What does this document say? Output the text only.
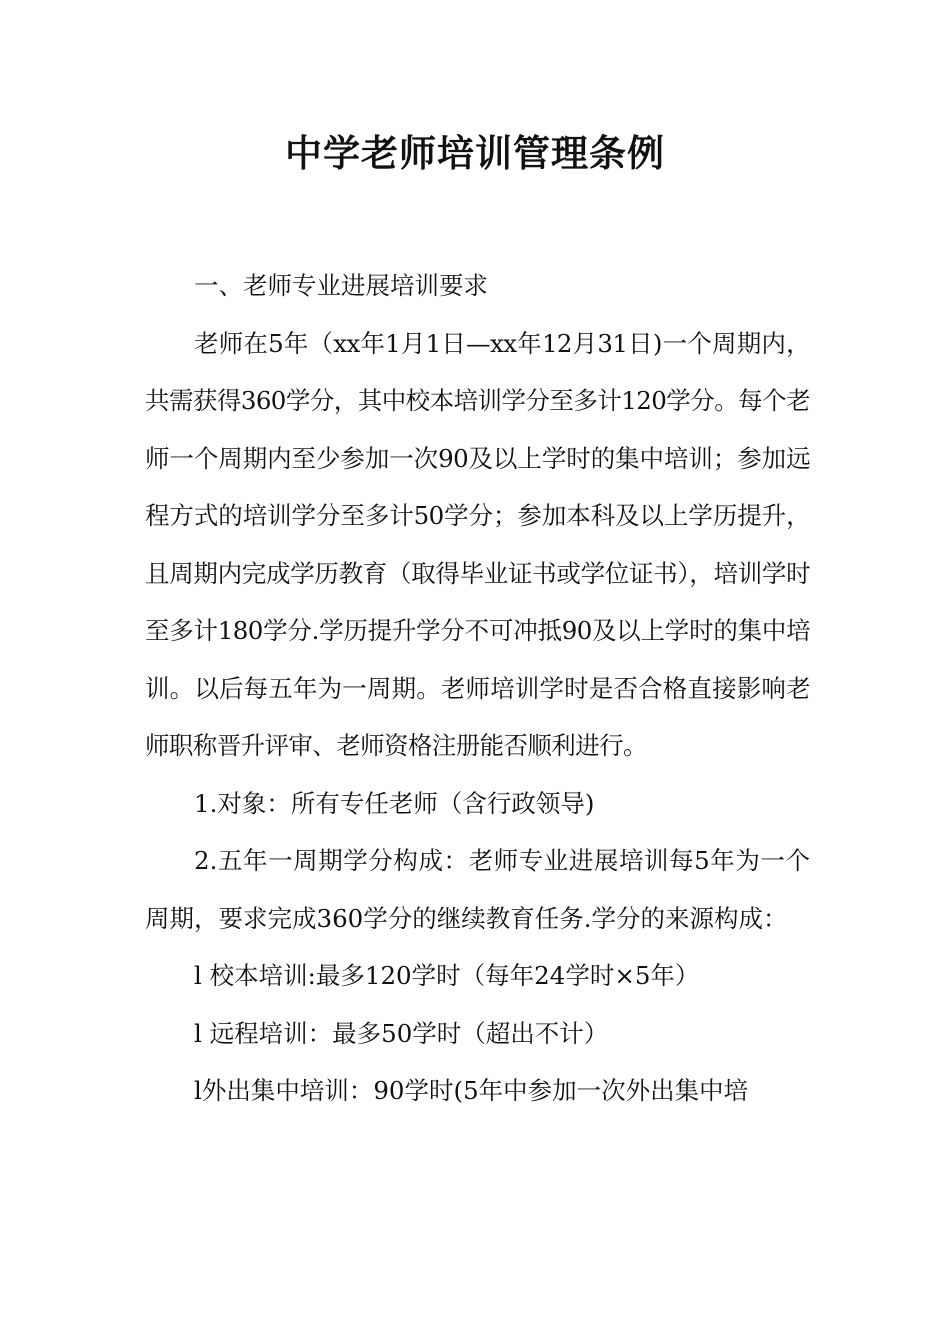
中学老师培训管理条例

一、老师专业进展培训要求

老师在5年（xx年1月1日—xx年12月31日)一个周期内，共需获得360学分，其中校本培训学分至多计120学分。每个老师一个周期内至少参加一次90及以上学时的集中培训；参加远程方式的培训学分至多计50学分；参加本科及以上学历提升，且周期内完成学历教育（取得毕业证书或学位证书），培训学时至多计180学分.学历提升学分不可冲抵90及以上学时的集中培训。以后每五年为一周期。老师培训学时是否合格直接影响老师职称晋升评审、老师资格注册能否顺利进行。

1.对象：所有专任老师（含行政领导)

2.五年一周期学分构成：老师专业进展培训每5年为一个周期，要求完成360学分的继续教育任务.学分的来源构成：

l 校本培训:最多120学时（每年24学时×5年）

l 远程培训：最多50学时（超出不计）

l外出集中培训：90学时(5年中参加一次外出集中培
